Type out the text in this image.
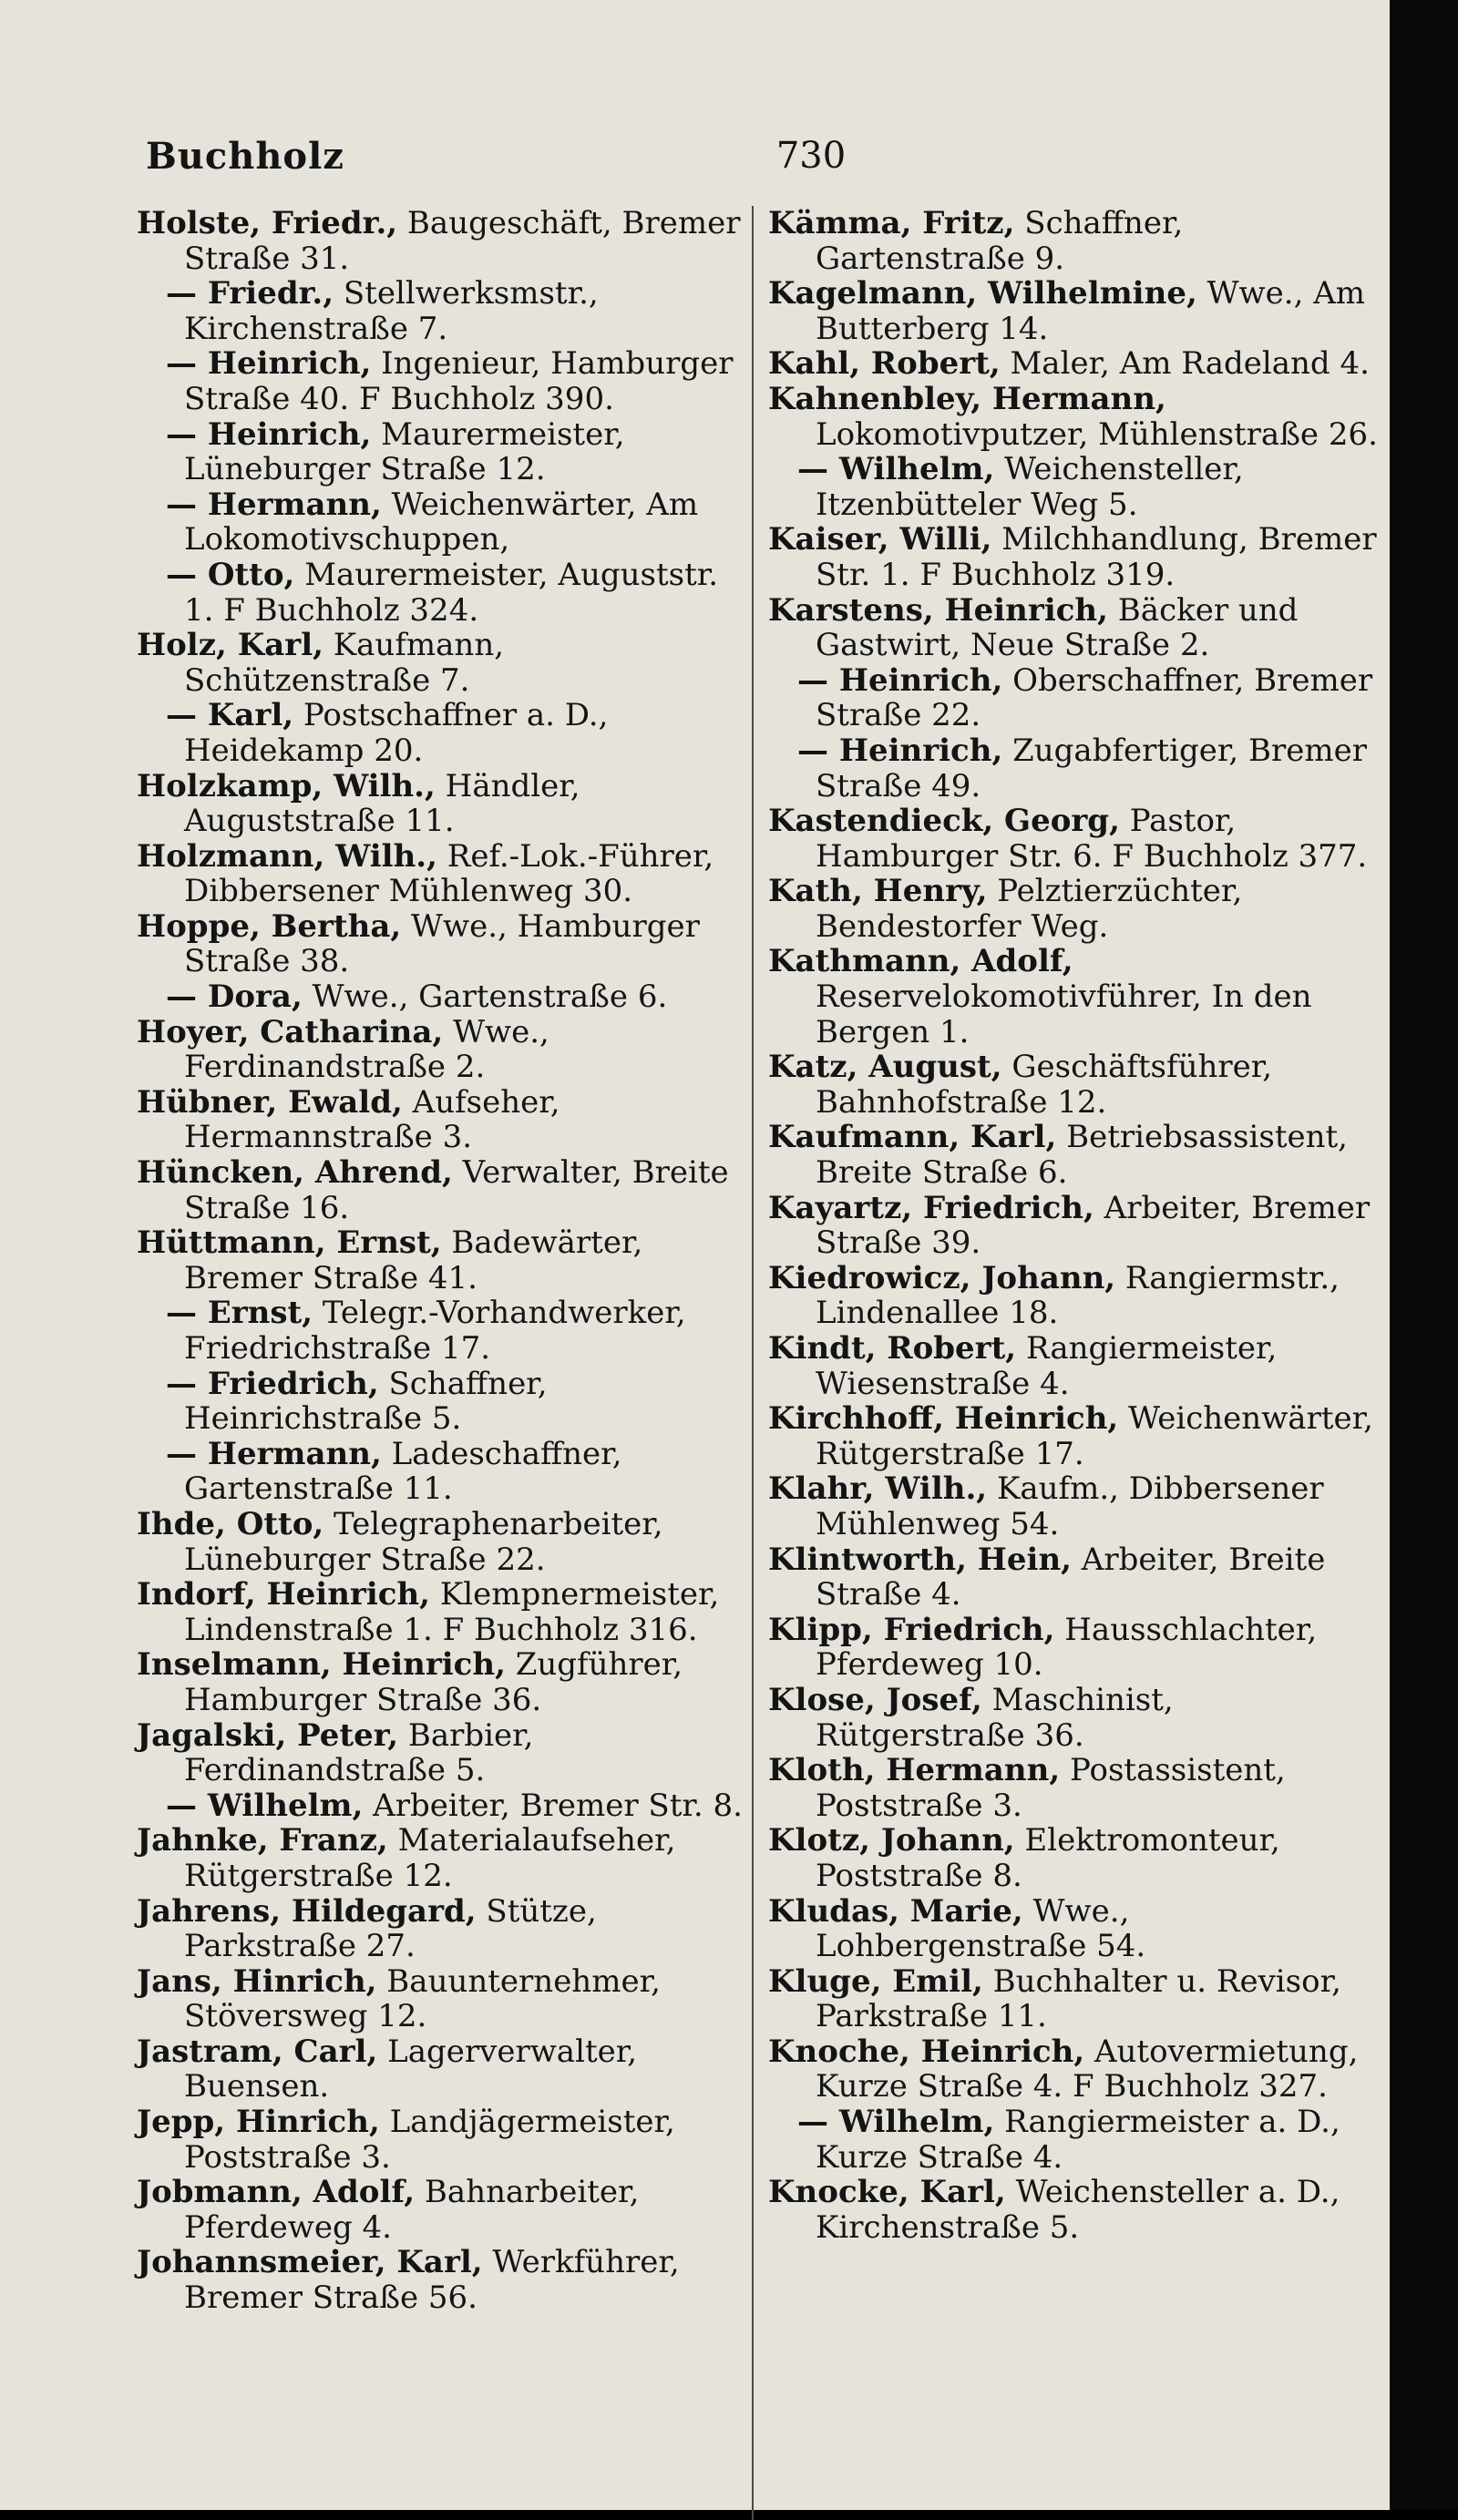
Buchholz	730

Holste, Friedr., Baugeschäft, Bremer Straße 31.

— Friedr., Stellwerksmstr., Kirchenstraße 7.

— Heinrich, Ingenieur, Hamburger Straße 40. F Buchholz 390.

— Heinrich, Maurermeister, Lüneburger Straße 12.

— Hermann, Weichenwärter, Am Lokomotivschuppen,

— Otto, Maurermeister, Auguststr. 1. F Buchholz 324.

Holz, Karl, Kaufmann, Schützenstraße 7.

— Karl, Postschaffner a. D., Heidekamp 20.

Holzkamp, Wilh., Händler, Auguststraße 11.

Holzmann, Wilh., Ref.-Lok.-Führer, Dibbersener Mühlenweg 30.

Hoppe, Bertha, Wwe., Hamburger Straße 38.

— Dora, Wwe., Gartenstraße 6.

Hoyer, Catharina, Wwe., Ferdinandstraße 2.

Hübner, Ewald, Aufseher, Hermannstraße 3.

Hüncken, Ahrend, Verwalter, Breite Straße 16.

Hüttmann, Ernst, Badewärter, Bremer Straße 41.

— Ernst, Telegr.-Vorhandwerker, Friedrichstraße 17.

— Friedrich, Schaffner, Heinrichstraße 5.

— Hermann, Ladeschaffner, Gartenstraße 11.

Ihde, Otto, Telegraphenarbeiter, Lüneburger Straße 22.

Indorf, Heinrich, Klempnermeister, Lindenstraße 1. F Buchholz 316.

Inselmann, Heinrich, Zugführer, Hamburger Straße 36.

Jagalski, Peter, Barbier, Ferdinandstraße 5.

— Wilhelm, Arbeiter, Bremer Str. 8.

Jahnke, Franz, Materialaufseher, Rütgerstraße 12.

Jahrens, Hildegard, Stütze, Parkstraße 27.

Jans, Hinrich, Bauunternehmer, Stöversweg 12.

Jastram, Carl, Lagerverwalter, Buensen.

Jepp, Hinrich, Landjägermeister, Poststraße 3.

Jobmann, Adolf, Bahnarbeiter, Pferdeweg 4.

Johannsmeier, Karl, Werkführer, Bremer Straße 56.

Kämma, Fritz, Schaffner, Gartenstraße 9.

Kagelmann, Wilhelmine, Wwe., Am Butterberg 14.

Kahl, Robert, Maler, Am Radeland 4.

Kahnenbley, Hermann, Lokomotivputzer, Mühlenstraße 26.

— Wilhelm, Weichensteller, Itzenbütteler Weg 5.

Kaiser, Willi, Milchhandlung, Bremer Str. 1. F Buchholz 319.

Karstens, Heinrich, Bäcker und Gastwirt, Neue Straße 2.

— Heinrich, Oberschaffner, Bremer Straße 22.

— Heinrich, Zugabfertiger, Bremer Straße 49.

Kastendieck, Georg, Pastor, Hamburger Str. 6. F Buchholz 377.

Kath, Henry, Pelztierzüchter, Bendestorfer Weg.

Kathmann, Adolf, Reservelokomotivführer, In den Bergen 1.

Katz, August, Geschäftsführer, Bahnhofstraße 12.

Kaufmann, Karl, Betriebsassistent, Breite Straße 6.

Kayartz, Friedrich, Arbeiter, Bremer Straße 39.

Kiedrowicz, Johann, Rangiermstr., Lindenallee 18.

Kindt, Robert, Rangiermeister, Wiesenstraße 4.

Kirchhoff, Heinrich, Weichenwärter, Rütgerstraße 17.

Klahr, Wilh., Kaufm., Dibbersener Mühlenweg 54.

Klintworth, Hein, Arbeiter, Breite Straße 4.

Klipp, Friedrich, Hausschlachter, Pferdeweg 10.

Klose, Josef, Maschinist, Rütgerstraße 36.

Kloth, Hermann, Postassistent, Poststraße 3.

Klotz, Johann, Elektromonteur, Poststraße 8.

Kludas, Marie, Wwe., Lohbergenstraße 54.

Kluge, Emil, Buchhalter u. Revisor, Parkstraße 11.

Knoche, Heinrich, Autovermietung, Kurze Straße 4. F Buchholz 327.

— Wilhelm, Rangiermeister a. D., Kurze Straße 4.

Knocke, Karl, Weichensteller a. D., Kirchenstraße 5.
